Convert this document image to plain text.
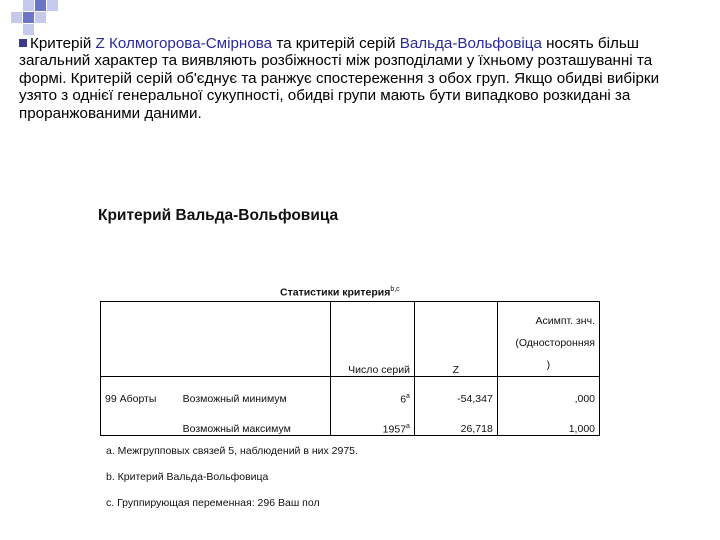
Критерій Z Колмогорова-Смірнова та критерій серій Вальда-Вольфовіца носять більш загальний характер та виявляють розбіжності між розподілами у їхньому розташуванні та формі. Критерій серій об'єднує та ранжує спостереження з обох груп. Якщо обидві вибірки узято з однієї генеральної сукупності, обидві групи мають бути випадково розкидані за проранжованими даними.
Критерий Вальда-Вольфовица
Статистики критерия$^{b,c}$
		Число серий	Z	Асимпт. знч.
(Односторонняя
)

99 Аборты	Возможный минимум	6$^a$	-54,347	,000
	Возможный максимум	1957$^a$	26,718	1,000
a. Межгрупповых связей 5, наблюдений в них 2975.
b. Критерий Вальда-Вольфовица
c. Группирующая переменная: 296 Ваш пол
